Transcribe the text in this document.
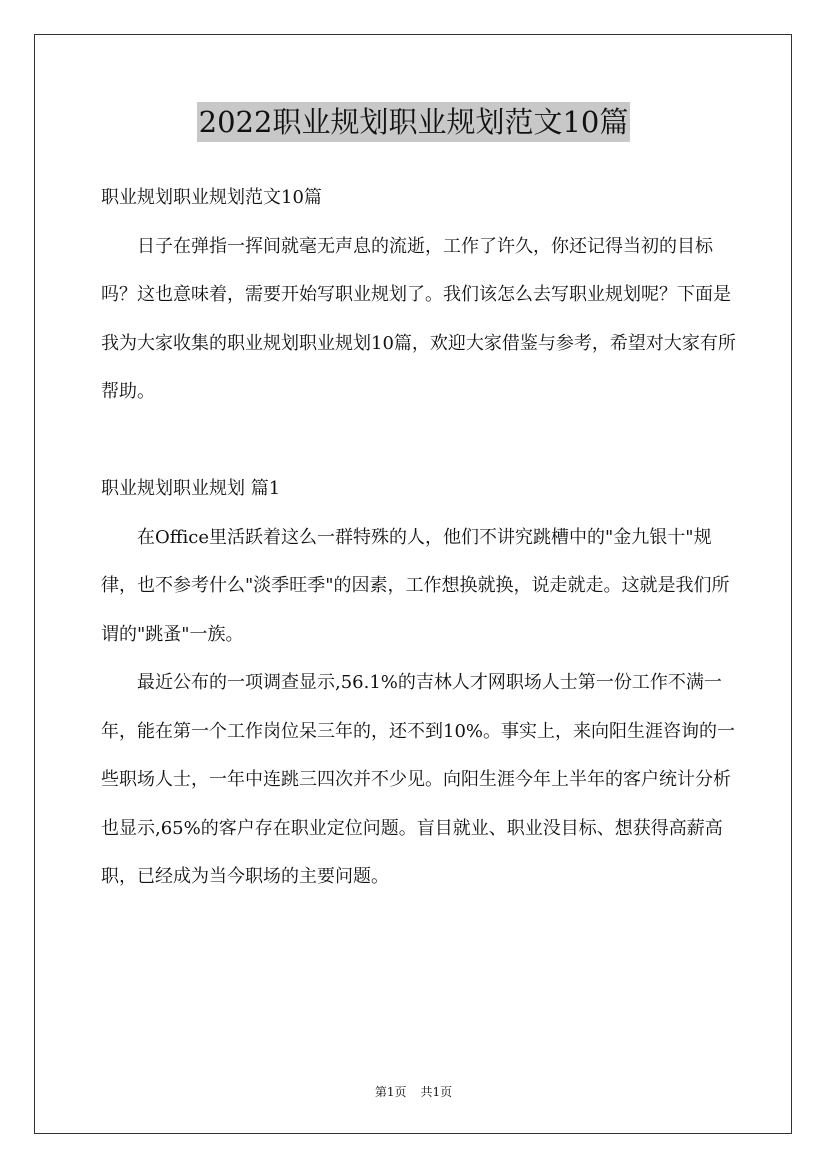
2022职业规划职业规划范文10篇

职业规划职业规划范文10篇

日子在弹指一挥间就毫无声息的流逝，工作了许久，你还记得当初的目标吗？这也意味着，需要开始写职业规划了。我们该怎么去写职业规划呢？下面是我为大家收集的职业规划职业规划10篇，欢迎大家借鉴与参考，希望对大家有所帮助。

职业规划职业规划 篇1

在Office里活跃着这么一群特殊的人，他们不讲究跳槽中的"金九银十"规律，也不参考什么"淡季旺季"的因素，工作想换就换，说走就走。这就是我们所谓的"跳蚤"一族。

最近公布的一项调查显示,56.1%的吉林人才网职场人士第一份工作不满一年，能在第一个工作岗位呆三年的，还不到10%。事实上，来向阳生涯咨询的一些职场人士，一年中连跳三四次并不少见。向阳生涯今年上半年的客户统计分析也显示,65%的客户存在职业定位问题。盲目就业、职业没目标、想获得高薪高职，已经成为当今职场的主要问题。

第1页 共1页
